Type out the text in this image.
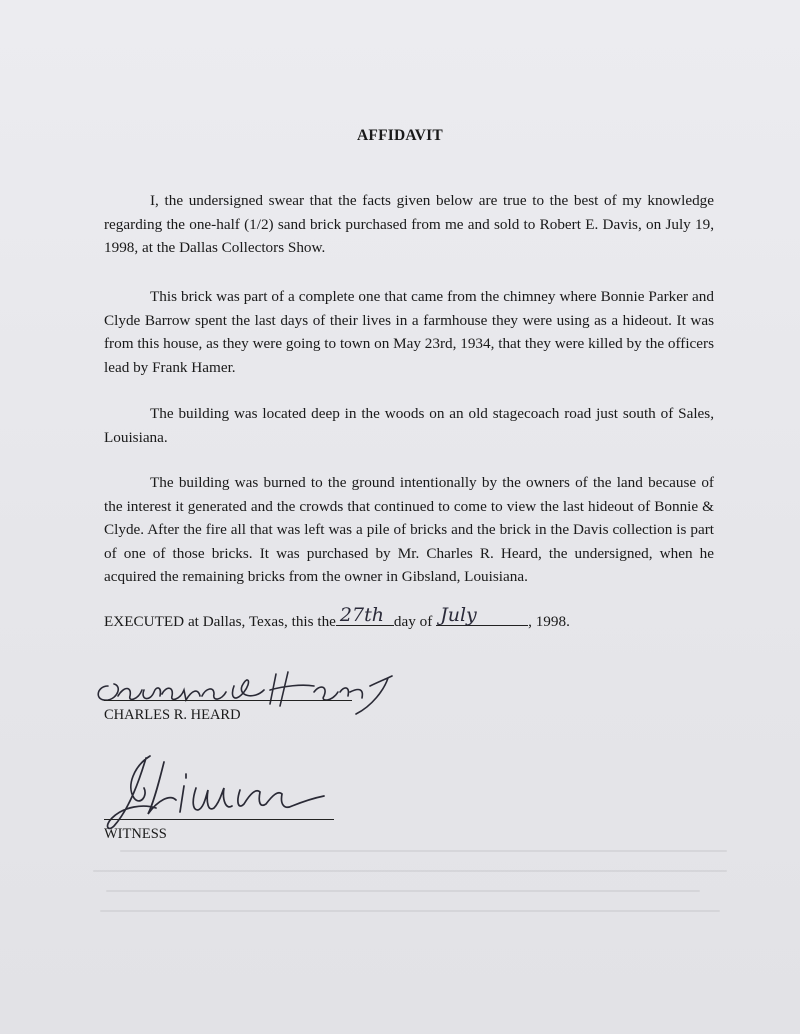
AFFIDAVIT
I, the undersigned swear that the facts given below are true to the best of my knowledge regarding the one-half (1/2) sand brick purchased from me and sold to Robert E. Davis, on July 19, 1998, at the Dallas Collectors Show.
This brick was part of a complete one that came from the chimney where Bonnie Parker and Clyde Barrow spent the last days of their lives in a farmhouse they were using as a hideout. It was from this house, as they were going to town on May 23rd, 1934, that they were killed by the officers lead by Frank Hamer.
The building was located deep in the woods on an old stagecoach road just south of Sales, Louisiana.
The building was burned to the ground intentionally by the owners of the land because of the interest it generated and the crowds that continued to come to view the last hideout of Bonnie & Clyde. After the fire all that was left was a pile of bricks and the brick in the Davis collection is part of one of those bricks. It was purchased by Mr. Charles R. Heard, the undersigned, when he acquired the remaining bricks from the owner in Gibsland, Louisiana.
EXECUTED at Dallas, Texas, this the 27th day of July	, 1998.
CHARLES R. HEARD
WITNESS
